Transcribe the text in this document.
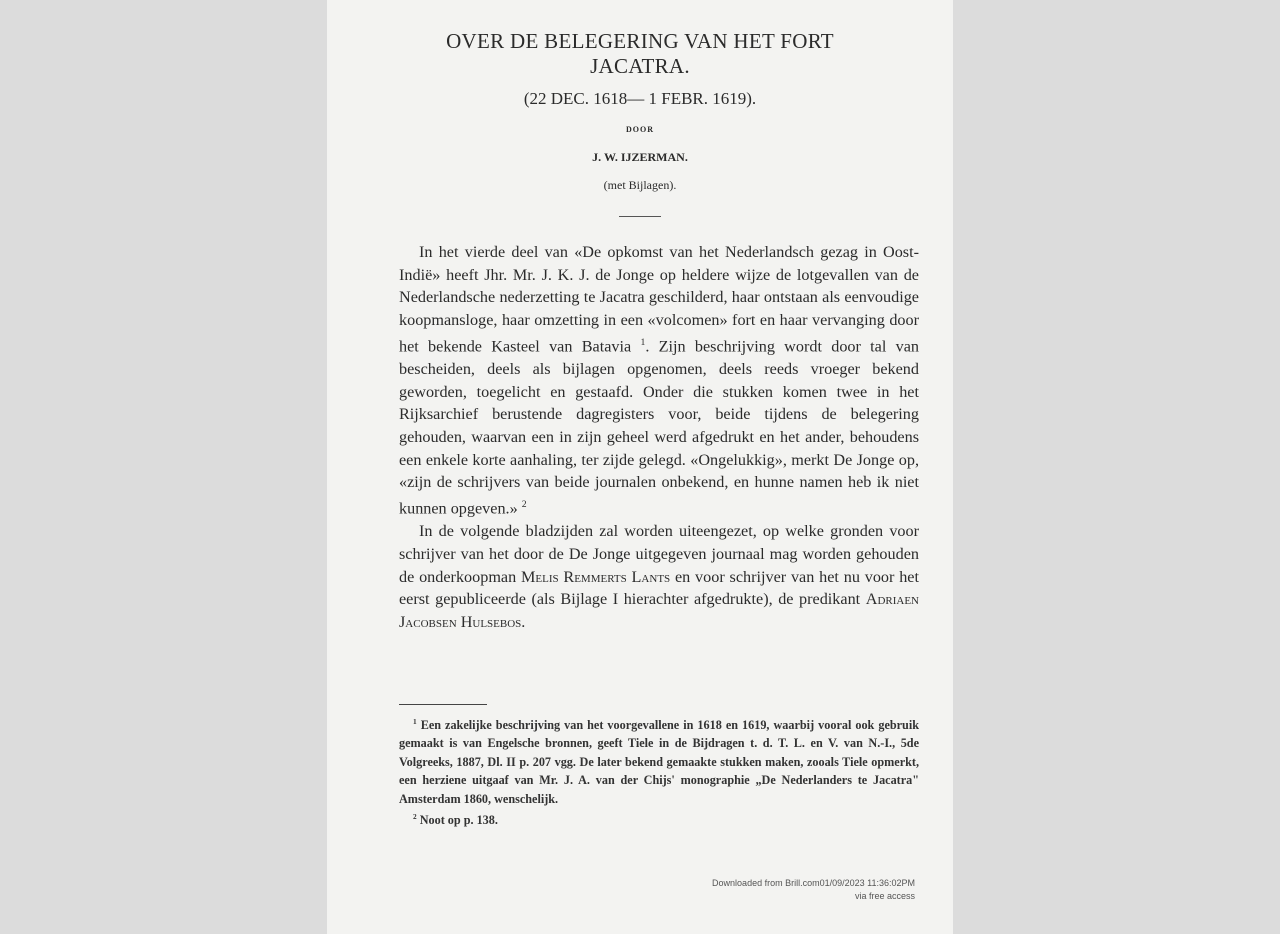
OVER DE BELEGERING VAN HET FORT
JACATRA.
(22 DEC. 1618— 1 FEBR. 1619).
DOOR
J. W. IJZERMAN.
(met Bijlagen).

In het vierde deel van «De opkomst van het Nederlandsch gezag in Oost-Indië» heeft Jhr. Mr. J. K. J. de Jonge op heldere wijze de lotgevallen van de Nederlandsche nederzetting te Jacatra geschilderd, haar ontstaan als eenvoudige koopmansloge, haar omzetting in een «volcomen» fort en haar vervanging door het bekende Kasteel van Batavia $^1$. Zijn beschrijving wordt door tal van bescheiden, deels als bijlagen opgenomen, deels reeds vroeger bekend geworden, toegelicht en gestaafd. Onder die stukken komen twee in het Rijksarchief berustende dagregisters voor, beide tijdens de belegering gehouden, waarvan een in zijn geheel werd afgedrukt en het ander, behoudens een enkele korte aanhaling, ter zijde gelegd. «Ongelukkig», merkt De Jonge op, «zijn de schrijvers van beide journalen onbekend, en hunne namen heb ik niet kunnen opgeven.» $^2$

In de volgende bladzijden zal worden uiteengezet, op welke gronden voor schrijver van het door de De Jonge uitgegeven journaal mag worden gehouden de onderkoopman Melis Remmerts Lants en voor schrijver van het nu voor het eerst gepubliceerde (als Bijlage I hierachter afgedrukte), de predikant Adriaen Jacobsen Hulsebos.

$^1$ Een zakelijke beschrijving van het voorgevallene in 1618 en 1619, waarbij vooral ook gebruik gemaakt is van Engelsche bronnen, geeft Tiele in de Bijdragen t. d. T. L. en V. van N.-I., 5de Volgreeks, 1887, Dl. II p. 207 vgg. De later bekend gemaakte stukken maken, zooals Tiele opmerkt, een herziene uitgaaf van Mr. J. A. van der Chijs' monographie „De Nederlanders te Jacatra" Amsterdam 1860, wenschelijk.

$^2$ Noot op p. 138.

Downloaded from Brill.com01/09/2023 11:36:02PM
via free access
